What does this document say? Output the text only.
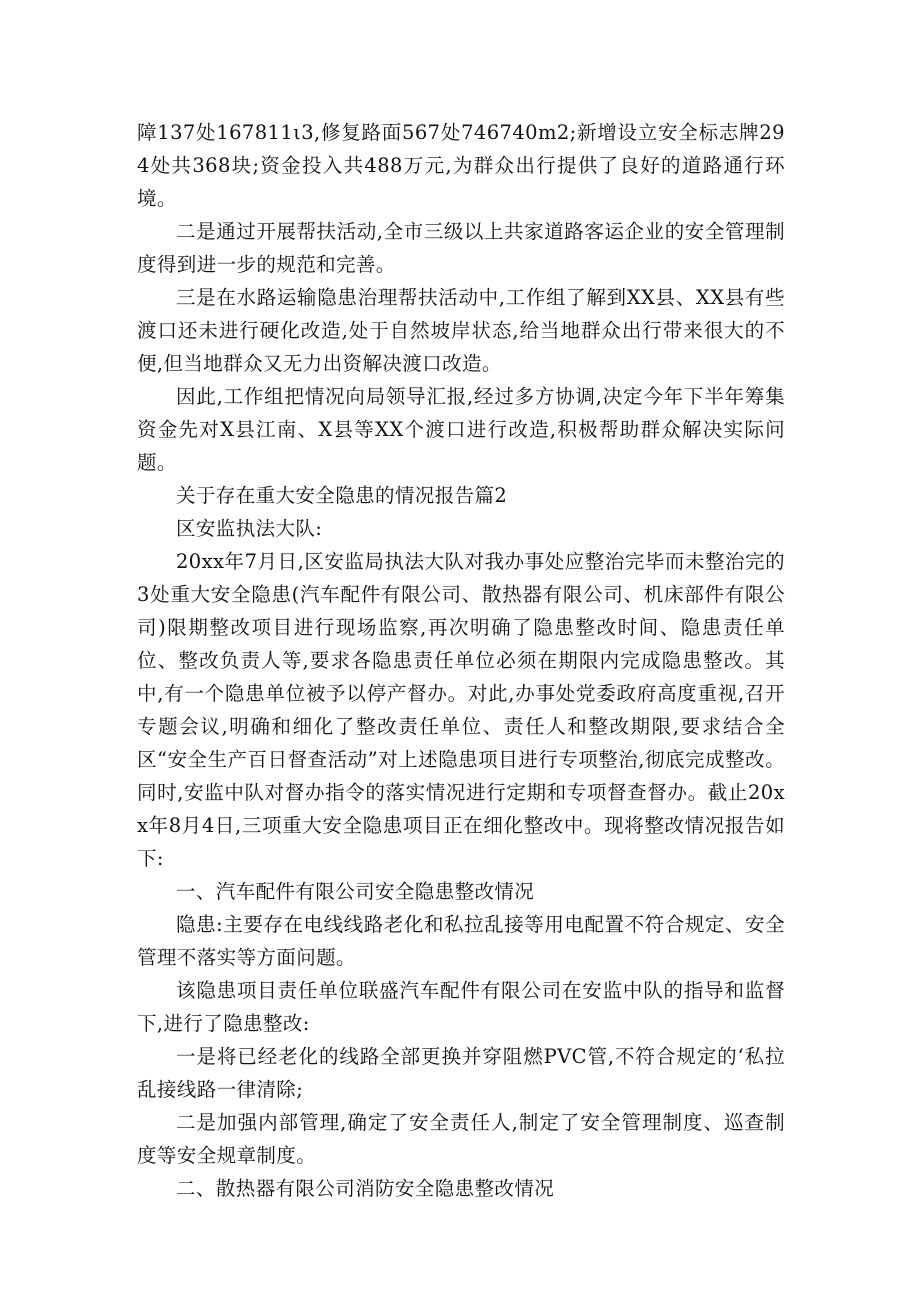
障137处167811ι3,修复路面567处746740m2;新增设立安全标志牌294处共368块;资金投入共488万元,为群众出行提供了良好的道路通行环境。

二是通过开展帮扶活动,全市三级以上共家道路客运企业的安全管理制度得到进一步的规范和完善。

三是在水路运输隐患治理帮扶活动中,工作组了解到XX县、XX县有些渡口还未进行硬化改造,处于自然坡岸状态,给当地群众出行带来很大的不便,但当地群众又无力出资解决渡口改造。

因此,工作组把情况向局领导汇报,经过多方协调,决定今年下半年筹集资金先对X县江南、X县等XX个渡口进行改造,积极帮助群众解决实际问题。

关于存在重大安全隐患的情况报告篇2

区安监执法大队:

20xx年7月日,区安监局执法大队对我办事处应整治完毕而未整治完的3处重大安全隐患(汽车配件有限公司、散热器有限公司、机床部件有限公司)限期整改项目进行现场监察,再次明确了隐患整改时间、隐患责任单位、整改负责人等,要求各隐患责任单位必须在期限内完成隐患整改。其中,有一个隐患单位被予以停产督办。对此,办事处党委政府高度重视,召开专题会议,明确和细化了整改责任单位、责任人和整改期限,要求结合全区“安全生产百日督查活动”对上述隐患项目进行专项整治,彻底完成整改。同时,安监中队对督办指令的落实情况进行定期和专项督查督办。截止20xx年8月4日,三项重大安全隐患项目正在细化整改中。现将整改情况报告如下:

一、汽车配件有限公司安全隐患整改情况

隐患:主要存在电线线路老化和私拉乱接等用电配置不符合规定、安全管理不落实等方面问题。

该隐患项目责任单位联盛汽车配件有限公司在安监中队的指导和监督下,进行了隐患整改:

一是将已经老化的线路全部更换并穿阻燃PVC管,不符合规定的‘私拉乱接线路一律清除;

二是加强内部管理,确定了安全责任人,制定了安全管理制度、巡查制度等安全规章制度。

二、散热器有限公司消防安全隐患整改情况
